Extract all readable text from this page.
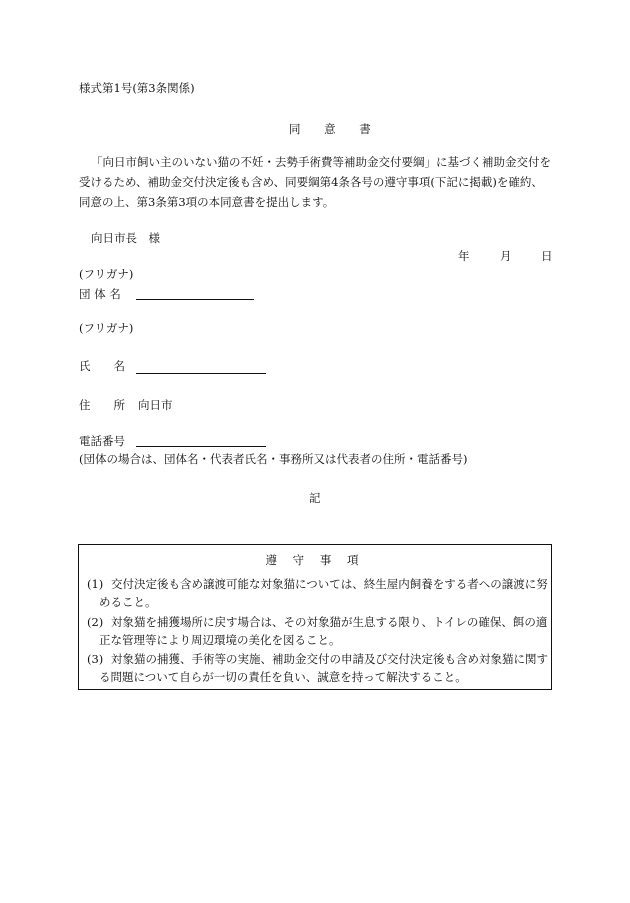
様式第1号(第3条関係)
同 意 書
「向日市飼い主のいない猫の不妊・去勢手術費等補助金交付要綱」に基づく補助金交付を受けるため、補助金交付決定後も含め、同要綱第4条各号の遵守事項(下記に掲載)を確約、同意の上、第3条第3項の本同意書を提出します。
向日市長　様
年	月	日
(フリガナ)
団 体 名
(フリガナ)
氏　　名
住　　所 向日市
電話番号
(団体の場合は、団体名・代表者氏名・事務所又は代表者の住所・電話番号)
記
遵 守 事 項
(1) 交付決定後も含め譲渡可能な対象猫については、終生屋内飼養をする者への譲渡に努めること。
(2) 対象猫を捕獲場所に戻す場合は、その対象猫が生息する限り、トイレの確保、餌の適正な管理等により周辺環境の美化を図ること。
(3) 対象猫の捕獲、手術等の実施、補助金交付の申請及び交付決定後も含め対象猫に関する問題について自らが一切の責任を負い、誠意を持って解決すること。
